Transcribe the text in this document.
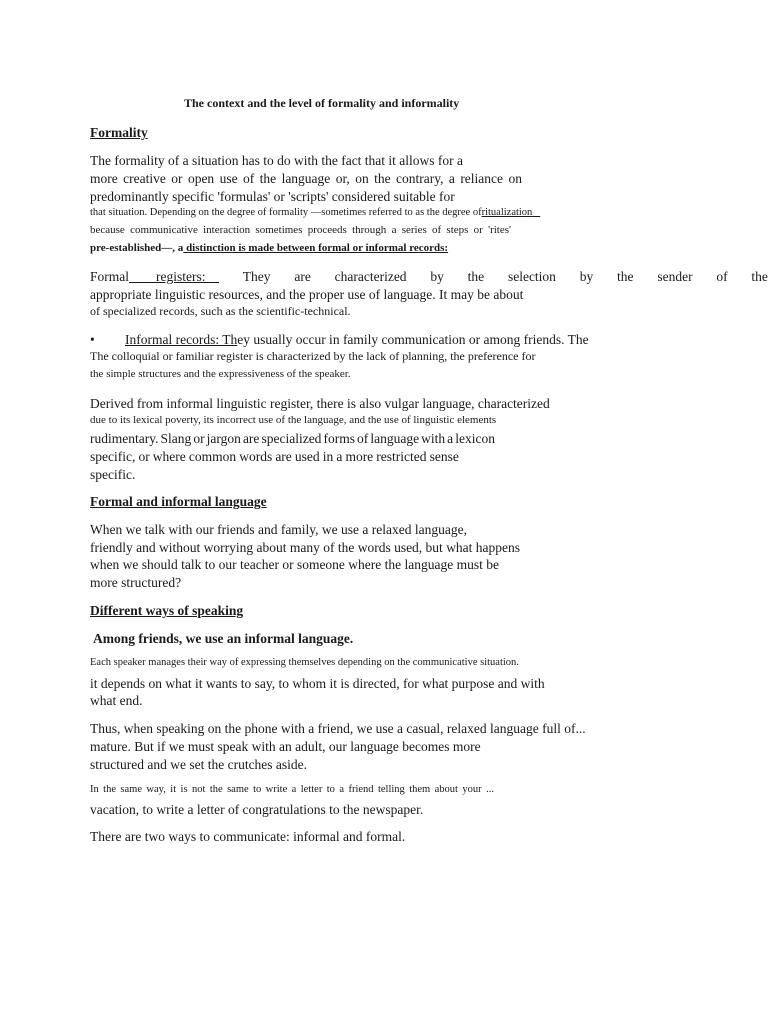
The context and the level of formality and informality
Formality
The formality of a situation has to do with the fact that it allows for a
more creative or open use of the language or, on the contrary, a reliance on
predominantly specific 'formulas' or 'scripts' considered suitable for
that situation. Depending on the degree of formality —sometimes referred to as the degree ofritualization
because communicative interaction sometimes proceeds through a series of steps or 'rites'
pre-established—, a distinction is made between formal or informal records:
Formal registers:	They are characterized by the selection by the sender of the
appropriate linguistic resources, and the proper use of language. It may be about
of specialized records, such as the scientific-technical.
• Informal records: They usually occur in family communication or among friends. The
The colloquial or familiar register is characterized by the lack of planning, the preference for
the simple structures and the expressiveness of the speaker.
Derived from informal linguistic register, there is also vulgar language, characterized
due to its lexical poverty, its incorrect use of the language, and the use of linguistic elements
rudimentary. Slang or jargon are specialized forms of language with a lexicon
specific, or where common words are used in a more restricted sense
specific.
Formal and informal language
When we talk with our friends and family, we use a relaxed language,
friendly and without worrying about many of the words used, but what happens
when we should talk to our teacher or someone where the language must be
more structured?
Different ways of speaking
Among friends, we use an informal language.
Each speaker manages their way of expressing themselves depending on the communicative situation.
it depends on what it wants to say, to whom it is directed, for what purpose and with
what end.
Thus, when speaking on the phone with a friend, we use a casual, relaxed language full of...
mature. But if we must speak with an adult, our language becomes more
structured and we set the crutches aside.
In the same way, it is not the same to write a letter to a friend telling them about your ...
vacation, to write a letter of congratulations to the newspaper.
There are two ways to communicate: informal and formal.
